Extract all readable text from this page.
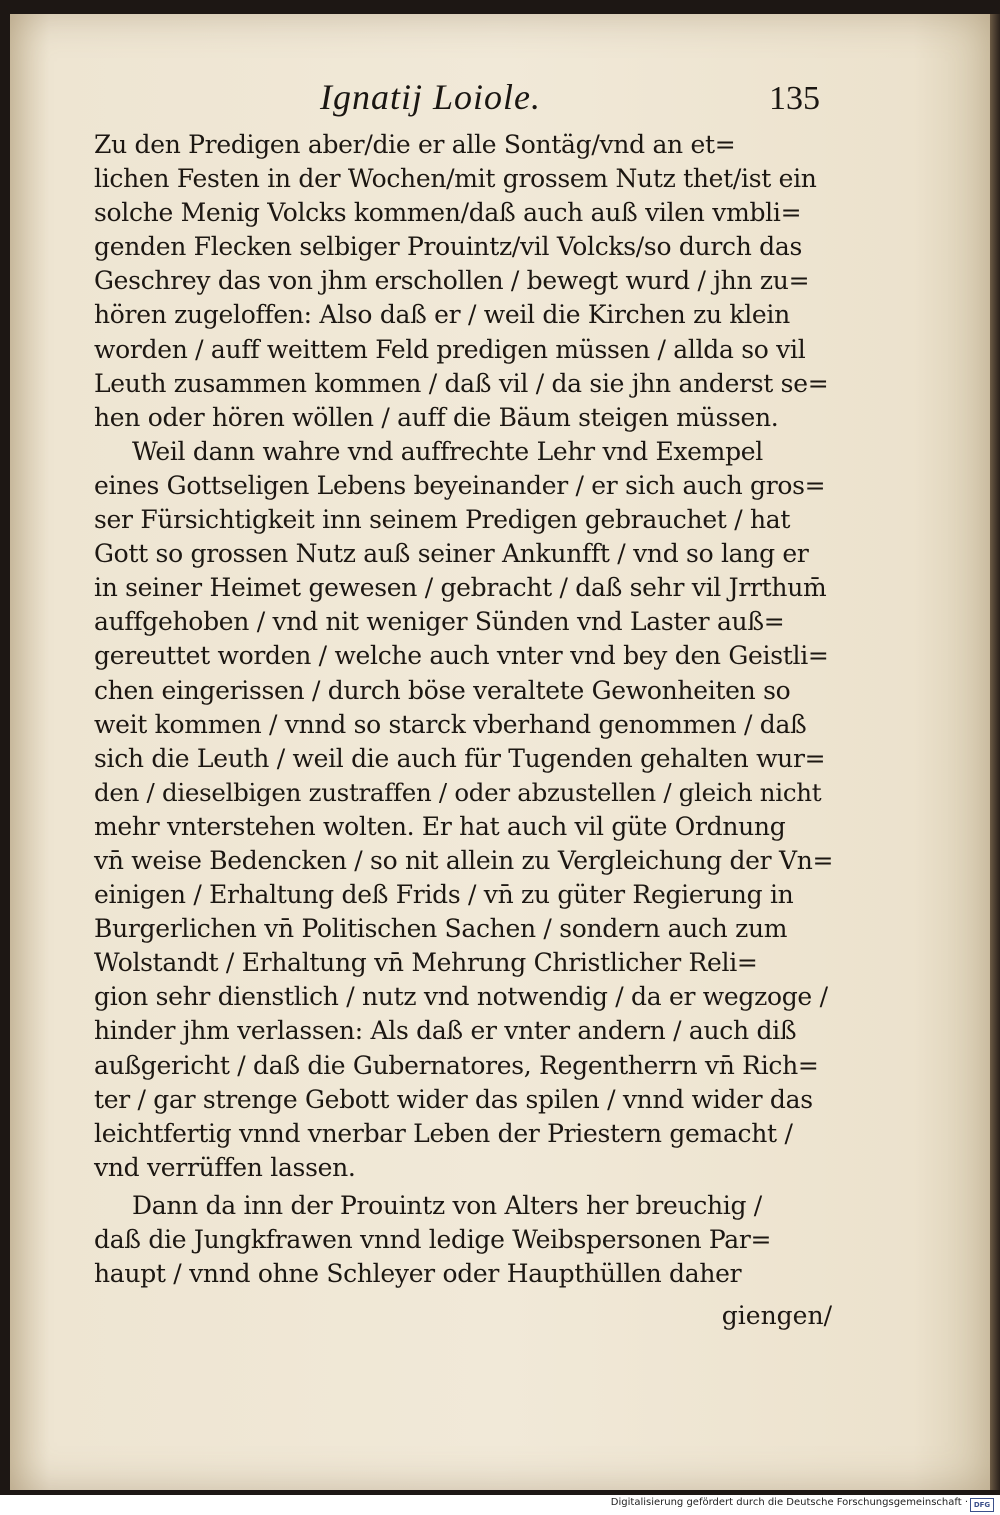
Ignatij Loiole.	135
Zu den Predigen aber/die er alle Sontäg/vnd an et=
lichen Festen in der Wochen/mit grossem Nutz thet/ist ein
solche Menig Volcks kommen/daß auch auß vilen vmbli=
genden Flecken selbiger Prouintz/vil Volcks/so durch das
Geschrey das von jhm erschollen / bewegt wurd / jhn zu=
hören zugeloffen: Also daß er / weil die Kirchen zu klein
worden / auff weittem Feld predigen müssen / allda so vil
Leuth zusammen kommen / daß vil / da sie jhn anderst se=
hen oder hören wöllen / auff die Bäum steigen müssen.
Weil dann wahre vnd auffrechte Lehr vnd Exempel
eines Gottseligen Lebens beyeinander / er sich auch gros=
ser Fürsichtigkeit inn seinem Predigen gebrauchet / hat
Gott so grossen Nutz auß seiner Ankunfft / vnd so lang er
in seiner Heimet gewesen / gebracht / daß sehr vil Jrrthum̄
auffgehoben / vnd nit weniger Sünden vnd Laster auß=
gereuttet worden / welche auch vnter vnd bey den Geistli=
chen eingerissen / durch böse veraltete Gewonheiten so
weit kommen / vnnd so starck vberhand genommen / daß
sich die Leuth / weil die auch für Tugenden gehalten wur=
den / dieselbigen zustraffen / oder abzustellen / gleich nicht
mehr vnterstehen wolten. Er hat auch vil güte Ordnung
vn̄ weise Bedencken / so nit allein zu Vergleichung der Vn=
einigen / Erhaltung deß Frids / vn̄ zu güter Regierung in
Burgerlichen vn̄ Politischen Sachen / sondern auch zum
Wolstandt / Erhaltung vn̄ Mehrung Christlicher Reli=
gion sehr dienstlich / nutz vnd notwendig / da er wegzoge /
hinder jhm verlassen: Als daß er vnter andern / auch diß
außgericht / daß die Gubernatores, Regentherrn vn̄ Rich=
ter / gar strenge Gebott wider das spilen / vnnd wider das
leichtfertig vnnd vnerbar Leben der Priestern gemacht /
vnd verrüffen lassen.
Dann da inn der Prouintz von Alters her breuchig /
daß die Jungkfrawen vnnd ledige Weibspersonen Par=
haupt / vnnd ohne Schleyer oder Haupthüllen daher
giengen/
Digitalisierung gefördert durch die Deutsche Forschungsgemeinschaft · DFG
